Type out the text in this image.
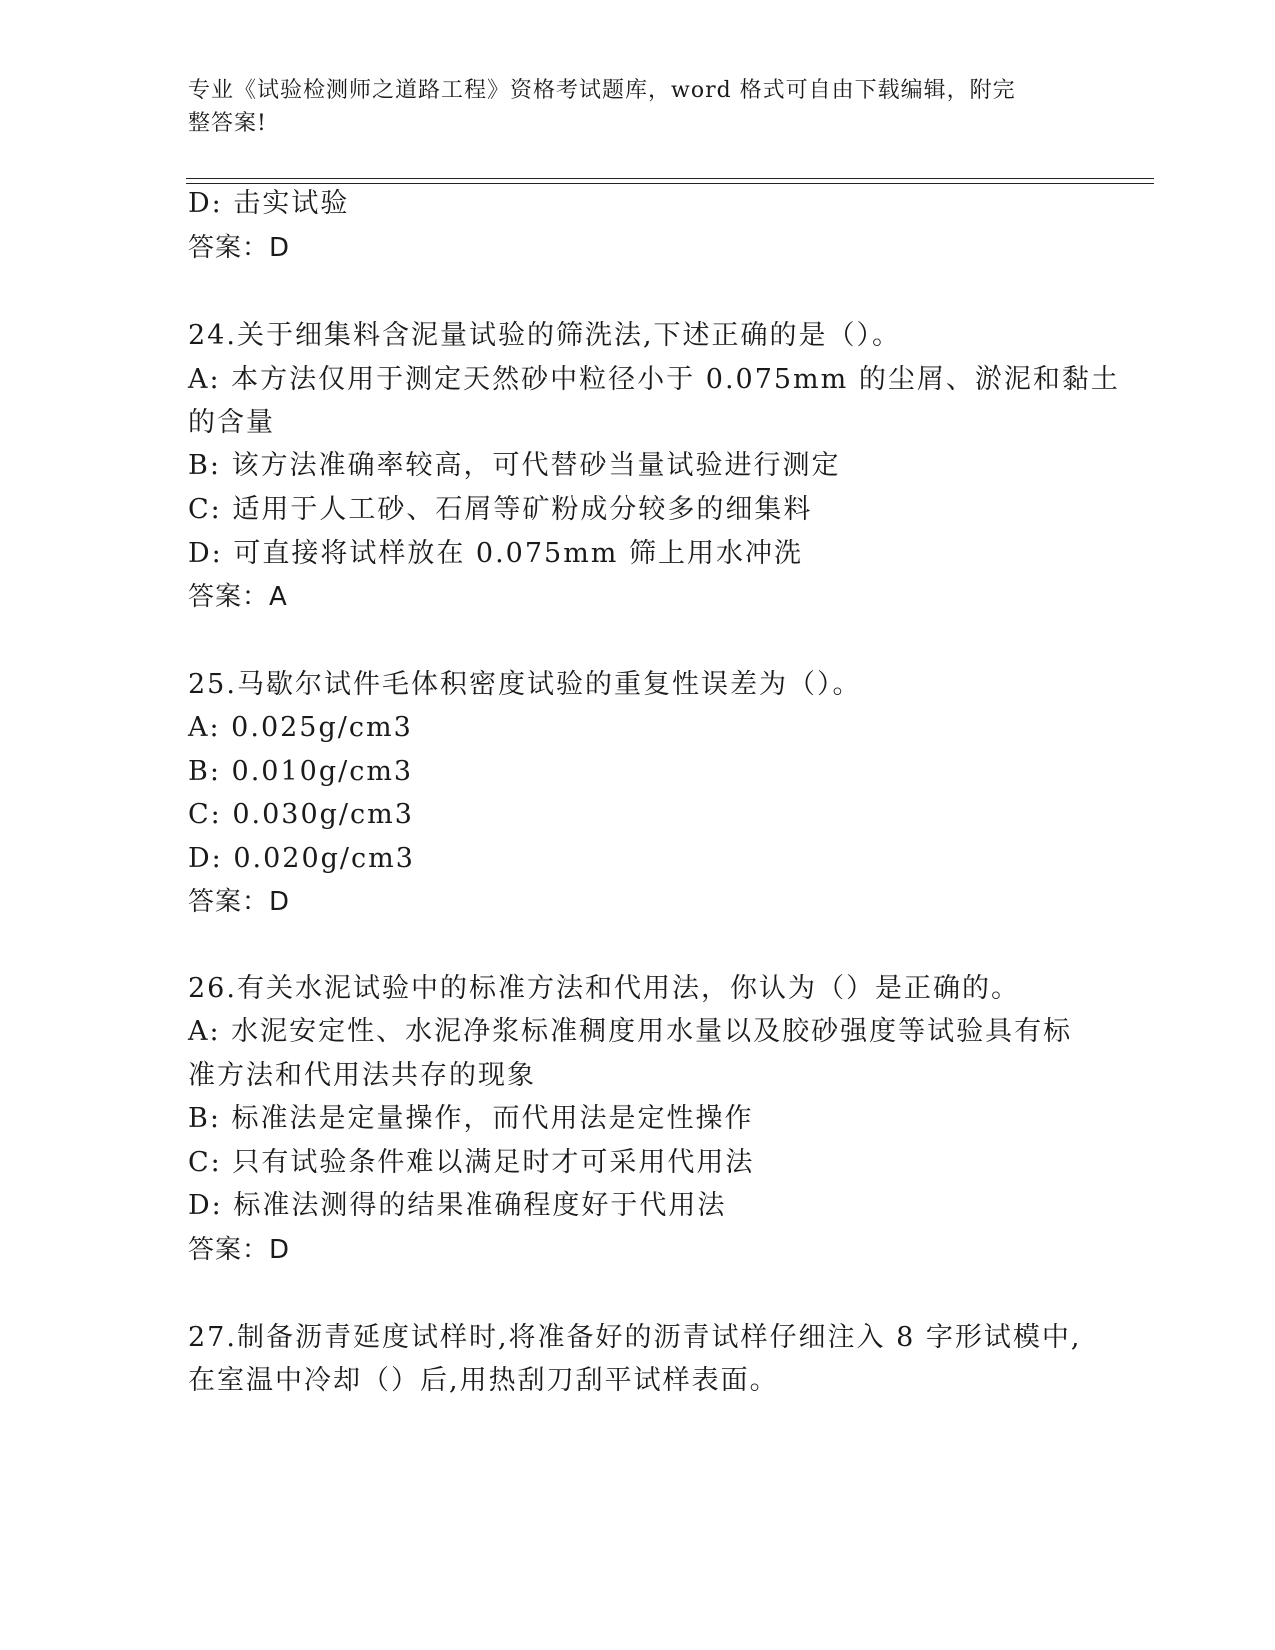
专业《试验检测师之道路工程》资格考试题库，word 格式可自由下载编辑，附完
整答案!
D: 击实试验
答案：D
24.关于细集料含泥量试验的筛洗法,下述正确的是（）。
A: 本方法仅用于测定天然砂中粒径小于 0.075mm 的尘屑、淤泥和黏土
的含量
B: 该方法准确率较高，可代替砂当量试验进行测定
C: 适用于人工砂、石屑等矿粉成分较多的细集料
D: 可直接将试样放在 0.075mm 筛上用水冲洗
答案：A
25.马歇尔试件毛体积密度试验的重复性误差为（）。
A: 0.025g/cm3
B: 0.010g/cm3
C: 0.030g/cm3
D: 0.020g/cm3
答案：D
26.有关水泥试验中的标准方法和代用法，你认为（）是正确的。
A: 水泥安定性、水泥净浆标准稠度用水量以及胶砂强度等试验具有标
准方法和代用法共存的现象
B: 标准法是定量操作，而代用法是定性操作
C: 只有试验条件难以满足时才可采用代用法
D: 标准法测得的结果准确程度好于代用法
答案：D
27.制备沥青延度试样时,将准备好的沥青试样仔细注入 8 字形试模中,
在室温中冷却（）后,用热刮刀刮平试样表面。
